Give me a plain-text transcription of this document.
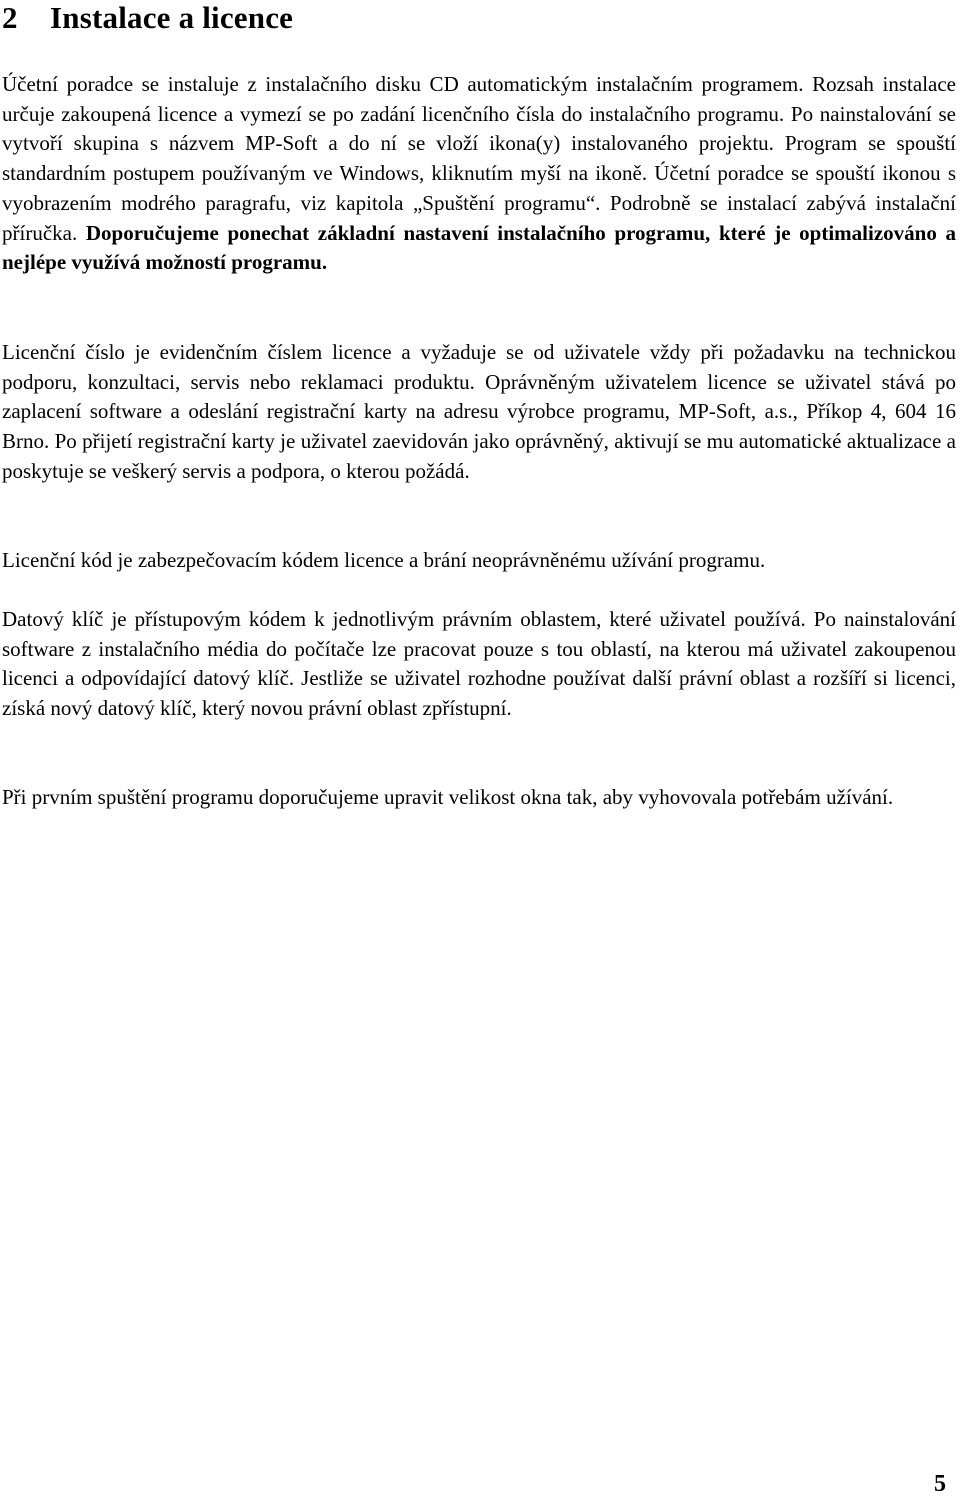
2 Instalace a licence

Účetní poradce se instaluje z instalačního disku CD automatickým instalačním programem. Rozsah instalace určuje zakoupená licence a vymezí se po zadání licenčního čísla do instalačního programu. Po nainstalování se vytvoří skupina s názvem MP-Soft a do ní se vloží ikona(y) instalovaného projektu. Program se spouští standardním postupem používaným ve Windows, kliknutím myší na ikoně. Účetní poradce se spouští ikonou s vyobrazením modrého paragrafu, viz kapitola „Spuštění programu“. Podrobně se instalací zabývá instalační příručka. Doporučujeme ponechat základní nastavení instalačního programu, které je optimalizováno a nejlépe využívá možností programu.

Licenční číslo je evidenčním číslem licence a vyžaduje se od uživatele vždy při požadavku na technickou podporu, konzultaci, servis nebo reklamaci produktu. Oprávněným uživatelem licence se uživatel stává po zaplacení software a odeslání registrační karty na adresu výrobce programu, MP-Soft, a.s., Příkop 4, 604 16 Brno. Po přijetí registrační karty je uživatel zaevidován jako oprávněný, aktivují se mu automatické aktualizace a poskytuje se veškerý servis a podpora, o kterou požádá.

Licenční kód je zabezpečovacím kódem licence a brání neoprávněnému užívání programu.

Datový klíč je přístupovým kódem k jednotlivým právním oblastem, které uživatel používá. Po nainstalování software z instalačního média do počítače lze pracovat pouze s tou oblastí, na kterou má uživatel zakoupenou licenci a odpovídající datový klíč. Jestliže se uživatel rozhodne používat další právní oblast a rozšíří si licenci, získá nový datový klíč, který novou právní oblast zpřístupní.

Při prvním spuštění programu doporučujeme upravit velikost okna tak, aby vyhovovala potřebám užívání.

5
